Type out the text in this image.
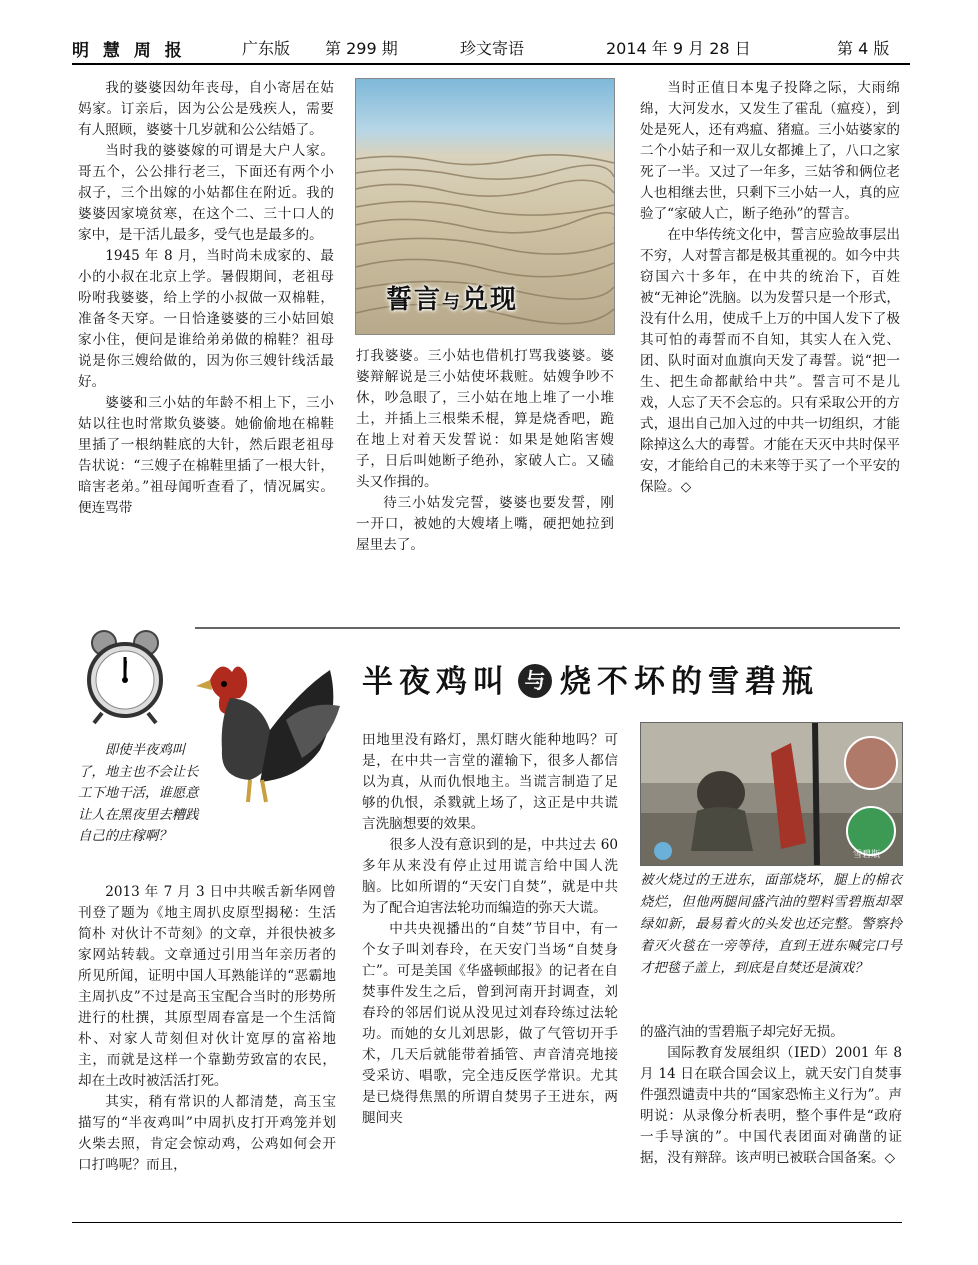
明 慧 周 报	广东版 第 299 期	珍文寄语	2014 年 9 月 28 日	第 4 版

我的婆婆因幼年丧母，自小寄居在姑妈家。订亲后，因为公公是残疾人，需要有人照顾，婆婆十几岁就和公公结婚了。

当时我的婆婆嫁的可谓是大户人家。哥五个，公公排行老三，下面还有两个小叔子，三个出嫁的小姑都住在附近。我的婆婆因家境贫寒，在这个二、三十口人的家中，是干活儿最多，受气也是最多的。

1945 年 8 月，当时尚未成家的、最小的小叔在北京上学。暑假期间，老祖母吩咐我婆婆，给上学的小叔做一双棉鞋，准备冬天穿。一日恰逢婆婆的三小姑回娘家小住，便问是谁给弟弟做的棉鞋？祖母说是你三嫂给做的，因为你三嫂针线活最好。

婆婆和三小姑的年龄不相上下，三小姑以往也时常欺负婆婆。她偷偷地在棉鞋里插了一根纳鞋底的大针，然后跟老祖母告状说：“三嫂子在棉鞋里插了一根大针，暗害老弟。”祖母闻听查看了，情况属实。便连骂带

誓言与兑现

打我婆婆。三小姑也借机打骂我婆婆。婆婆辩解说是三小姑使坏栽赃。姑嫂争吵不休，吵急眼了，三小姑在地上堆了一小堆土，并插上三根柴禾棍，算是烧香吧，跪在地上对着天发誓说：如果是她陷害嫂子，日后叫她断子绝孙，家破人亡。又磕头又作揖的。

待三小姑发完誓，婆婆也要发誓，刚一开口，被她的大嫂堵上嘴，硬把她拉到屋里去了。

当时正值日本鬼子投降之际，大雨绵绵，大河发水，又发生了霍乱（瘟疫），到处是死人，还有鸡瘟、猪瘟。三小姑婆家的二个小姑子和一双儿女都摊上了，八口之家死了一半。又过了一年多，三姑爷和俩位老人也相继去世，只剩下三小姑一人，真的应验了“家破人亡，断子绝孙”的誓言。

在中华传统文化中，誓言应验故事层出不穷，人对誓言都是极其重视的。如今中共窃国六十多年，在中共的统治下，百姓被“无神论”洗脑。以为发誓只是一个形式，没有什么用，使成千上万的中国人发下了极其可怕的毒誓而不自知，其实人在入党、团、队时面对血旗向天发了毒誓。说“把一生、把生命都献给中共”。誓言可不是儿戏，人忘了天不会忘的。只有采取公开的方式，退出自己加入过的中共一切组织，才能除掉这么大的毒誓。才能在天灭中共时保平安，才能给自己的未来等于买了一个平安的保险。◇

半夜鸡叫 与 烧不坏的雪碧瓶
即使半夜鸡叫了，地主也不会让长工下地干活，谁愿意让人在黑夜里去糟践自己的庄稼啊？

2013 年 7 月 3 日中共喉舌新华网曾刊登了题为《地主周扒皮原型揭秘：生活简朴 对伙计不苛刻》的文章，并很快被多家网站转载。文章通过引用当年亲历者的所见所闻，证明中国人耳熟能详的“恶霸地主周扒皮”不过是高玉宝配合当时的形势所进行的杜撰，其原型周春富是一个生活简朴、对家人苛刻但对伙计宽厚的富裕地主，而就是这样一个靠勤劳致富的农民，却在土改时被活活打死。

其实，稍有常识的人都清楚，高玉宝描写的“半夜鸡叫”中周扒皮打开鸡笼并划火柴去照，肯定会惊动鸡，公鸡如何会开口打鸣呢？而且，

田地里没有路灯，黑灯瞎火能种地吗？可是，在中共一言堂的灌输下，很多人都信以为真，从而仇恨地主。当谎言制造了足够的仇恨，杀戮就上场了，这正是中共谎言洗脑想要的效果。

很多人没有意识到的是，中共过去 60 多年从来没有停止过用谎言给中国人洗脑。比如所谓的“天安门自焚”，就是中共为了配合迫害法轮功而编造的弥天大谎。

中共央视播出的“自焚”节目中，有一个女子叫刘春玲，在天安门当场“自焚身亡”。可是美国《华盛顿邮报》的记者在自焚事件发生之后，曾到河南开封调查，刘春玲的邻居们说从没见过刘春玲练过法轮功。而她的女儿刘思影，做了气管切开手术，几天后就能带着插管、声音清亮地接受采访、唱歌，完全违反医学常识。尤其是已烧得焦黑的所谓自焚男子王进东，两腿间夹

雪碧瓶
被火烧过的王进东，面部烧坏，腿上的棉衣烧烂，但他两腿间盛汽油的塑料雪碧瓶却翠绿如新，最易着火的头发也还完整。警察拎着灭火毯在一旁等待，直到王进东喊完口号才把毯子盖上，到底是自焚还是演戏？

的盛汽油的雪碧瓶子却完好无损。

国际教育发展组织（IED）2001 年 8 月 14 日在联合国会议上，就天安门自焚事件强烈谴责中共的“国家恐怖主义行为”。声明说：从录像分析表明，整个事件是“政府一手导演的”。中国代表团面对确凿的证据，没有辩辞。该声明已被联合国备案。◇
